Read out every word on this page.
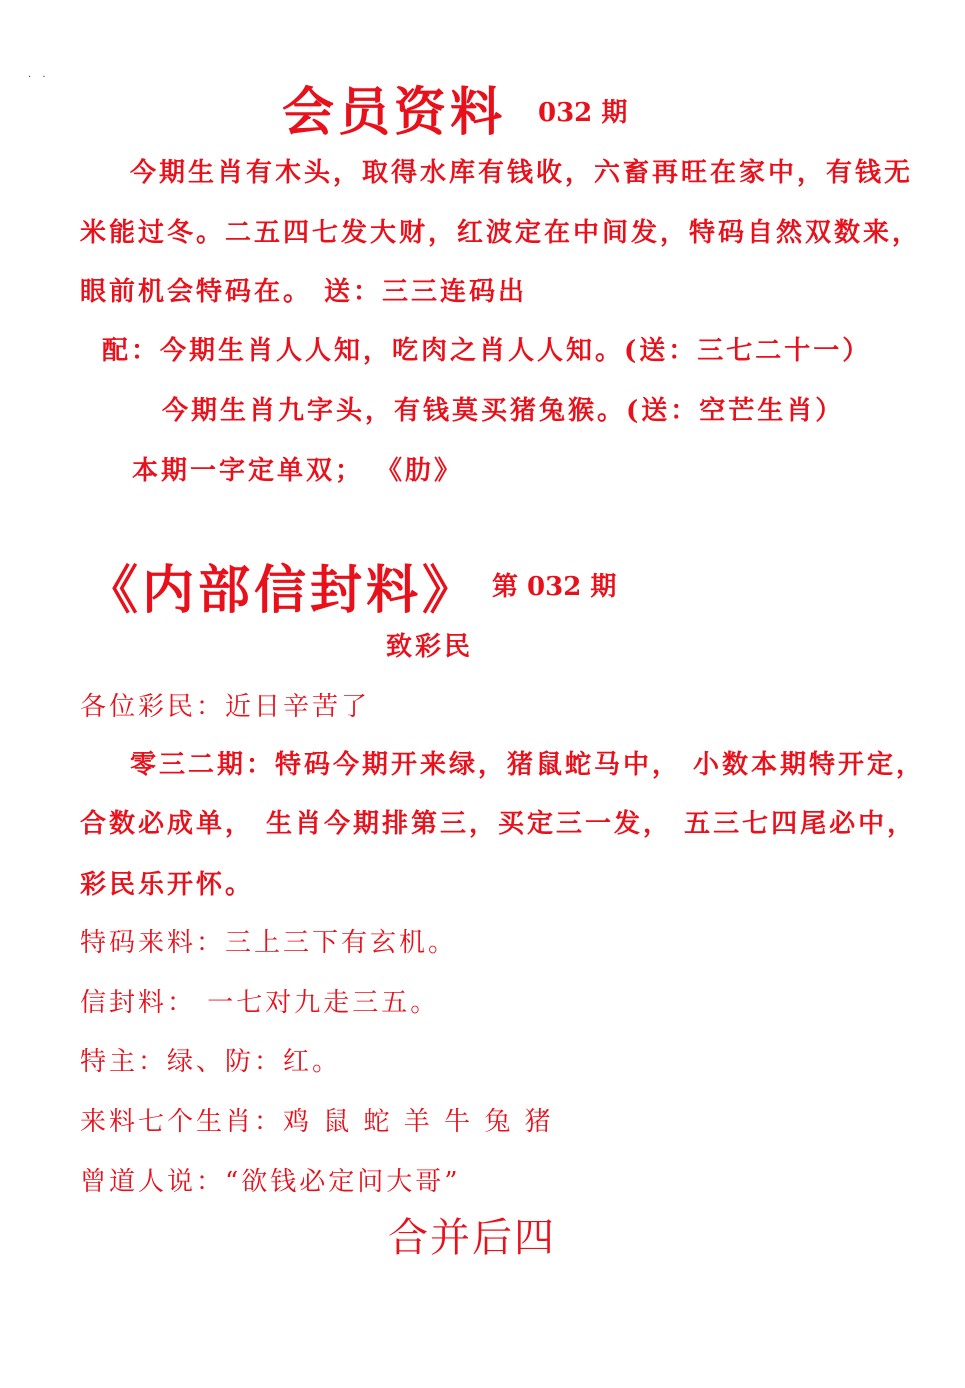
· ·
会员资料 032 期
今期生肖有木头，取得水库有钱收，六畜再旺在家中，有钱无
米能过冬。二五四七发大财，红波定在中间发，特码自然双数来，
眼前机会特码在。 送：三三连码出
配：今期生肖人人知，吃肉之肖人人知。(送：三七二十一）
今期生肖九字头，有钱莫买猪兔猴。(送：空芒生肖）
本期一字定单双； 《肋》
《内部信封料》 第 032 期
致彩民
各位彩民：近日辛苦了
零三二期：特码今期开来绿，猪鼠蛇马中， 小数本期特开定，
合数必成单， 生肖今期排第三，买定三一发， 五三七四尾必中，
彩民乐开怀。
特码来料：三上三下有玄机。
信封料： 一七对九走三五。
特主：绿、防：红。
来料七个生肖：鸡 鼠 蛇 羊 牛 兔 猪
曾道人说：“欲钱必定问大哥”
合并后四
